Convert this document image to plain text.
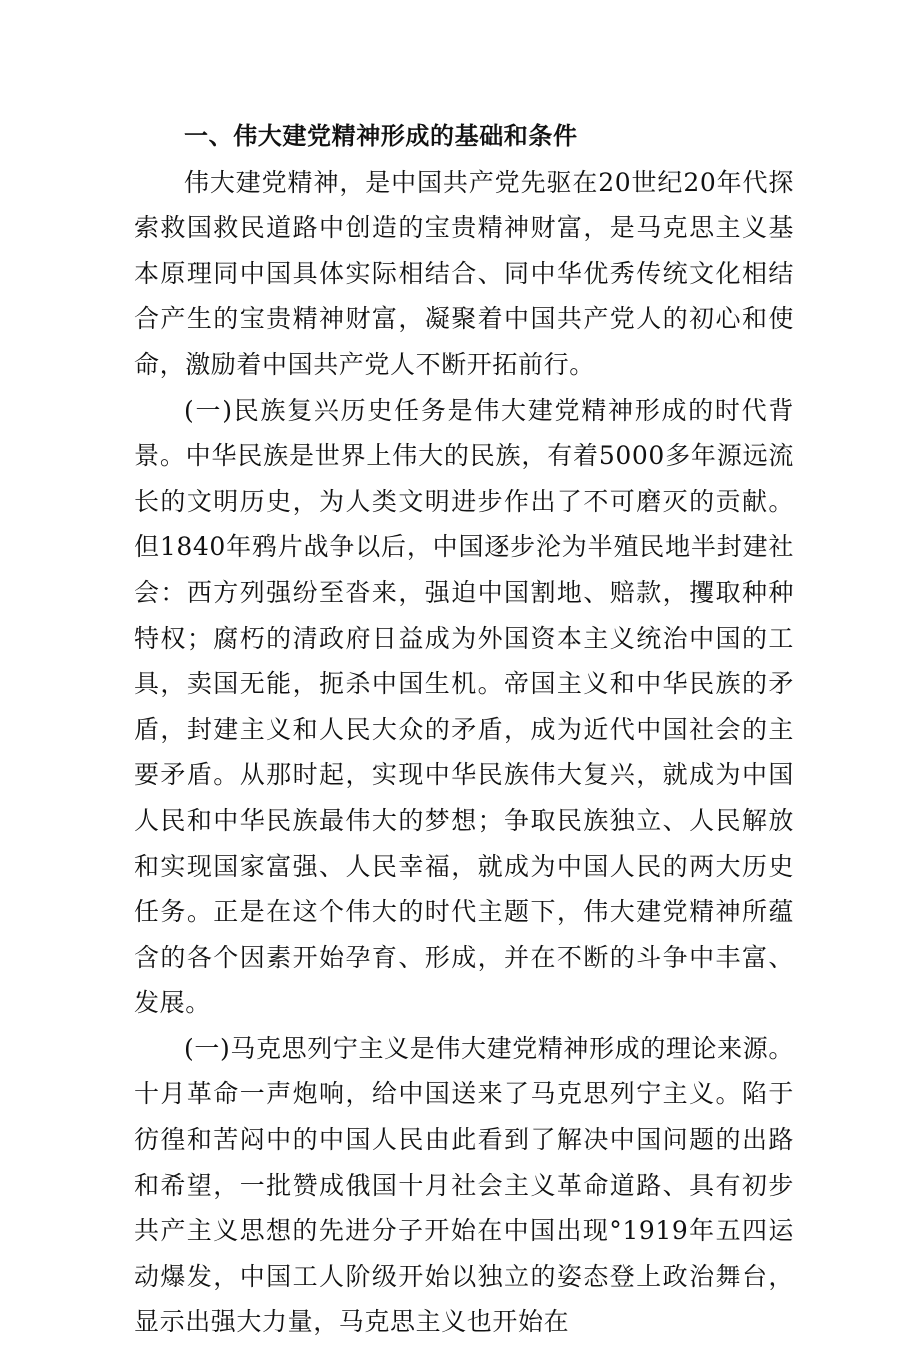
一、伟大建党精神形成的基础和条件

伟大建党精神，是中国共产党先驱在20世纪20年代探索救国救民道路中创造的宝贵精神财富，是马克思主义基本原理同中国具体实际相结合、同中华优秀传统文化相结合产生的宝贵精神财富，凝聚着中国共产党人的初心和使命，激励着中国共产党人不断开拓前行。

(一)民族复兴历史任务是伟大建党精神形成的时代背景。中华民族是世界上伟大的民族，有着5000多年源远流长的文明历史，为人类文明进步作出了不可磨灭的贡献。但1840年鸦片战争以后，中国逐步沦为半殖民地半封建社会：西方列强纷至沓来，强迫中国割地、赔款，攫取种种特权；腐朽的清政府日益成为外国资本主义统治中国的工具，卖国无能，扼杀中国生机。帝国主义和中华民族的矛盾，封建主义和人民大众的矛盾，成为近代中国社会的主要矛盾。从那时起，实现中华民族伟大复兴，就成为中国人民和中华民族最伟大的梦想；争取民族独立、人民解放和实现国家富强、人民幸福，就成为中国人民的两大历史任务。正是在这个伟大的时代主题下，伟大建党精神所蕴含的各个因素开始孕育、形成，并在不断的斗争中丰富、发展。

(一)马克思列宁主义是伟大建党精神形成的理论来源。十月革命一声炮响，给中国送来了马克思列宁主义。陷于彷徨和苦闷中的中国人民由此看到了解决中国问题的出路和希望，一批赞成俄国十月社会主义革命道路、具有初步共产主义思想的先进分子开始在中国出现°1919年五四运动爆发，中国工人阶级开始以独立的姿态登上政治舞台，显示出强大力量，马克思主义也开始在
